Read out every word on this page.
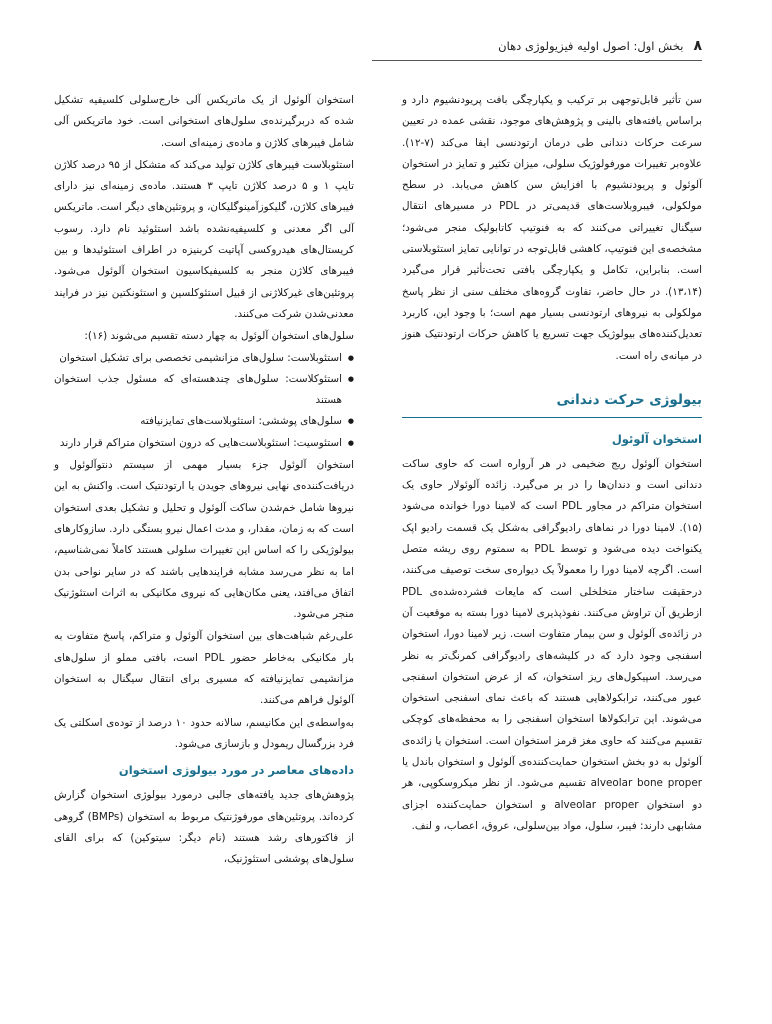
۸
بخش اول: اصول اولیه فیزیولوژی دهان

سن تأثیر قابل‌توجهی بر ترکیب و یکپارچگی بافت پریودنشیوم دارد و براساس یافته‌های بالینی و پژوهش‌های موجود، نقشی عمده در تعیین سرعت حرکات دندانی طی درمان ارتودنسی ایفا می‌کند (۷-۱۲). علاوه‌بر تغییرات مورفولوژیک سلولی، میزان تکثیر و تمایز در استخوان آلوئول و پریودنشیوم با افزایش سن کاهش می‌یابد. در سطح مولکولی، فیبروبلاست‌های قدیمی‌تر در PDL در مسیرهای انتقال سیگنال تغییراتی می‌کنند که به فنوتیپ کاتابولیک منجر می‌شود؛ مشخصه‌ی این فنوتیپ، کاهشی قابل‌توجه در توانایی تمایز استئوبلاستی است. بنابراین، تکامل و یکپارچگی بافتی تحت‌تأثیر قرار می‌گیرد (۱۳،۱۴). در حال حاضر، تفاوت گروه‌های مختلف سنی از نظر پاسخ مولکولی به نیروهای ارتودنسی بسیار مهم است؛ با وجود این، کاربرد تعدیل‌کننده‌های بیولوژیک جهت تسریع یا کاهش حرکات ارتودنتیک هنوز در میانه‌ی راه است.

بیولوژی حرکت دندانی
استخوان آلوئول

استخوان آلوئول ریج ضخیمی در هر آرواره است که حاوی ساکت دندانی است و دندان‌ها را در بر می‌گیرد. زائده آلوئولار حاوی یک استخوان متراکم در مجاور PDL است که لامینا دورا خوانده می‌شود (۱۵). لامینا دورا در نماهای رادیوگرافی به‌شکل یک قسمت رادیو اپک یکنواخت دیده می‌شود و توسط PDL به سمتوم روی ریشه متصل است. اگرچه لامینا دورا را معمولاً یک دیواره‌ی سخت توصیف می‌کنند، درحقیقت ساختار متخلخلی است که مایعات فشرده‌شده‌ی PDL ازطریق آن تراوش می‌کنند. نفوذپذیری لامینا دورا بسته به موقعیت آن در زائده‌ی آلوئول و سن بیمار متفاوت است. زیر لامینا دورا، استخوان اسفنجی وجود دارد که در کلیشه‌های رادیوگرافی کمرنگ‌تر به نظر می‌رسد. اسپیکول‌های ریز استخوان، که از عرض استخوان اسفنجی عبور می‌کنند، ترابکولاهایی هستند که باعث نمای اسفنجی استخوان می‌شوند. این ترابکولاها استخوان اسفنجی را به محفظه‌های کوچکی تقسیم می‌کنند که حاوی مغز قرمز استخوان است. استخوان یا زائده‌ی آلوئول به دو بخش استخوان حمایت‌کننده‌ی آلوئول و استخوان باندل یا alveolar bone proper تقسیم می‌شود. از نظر میکروسکوپی، هر دو استخوان alveolar proper و استخوان حمایت‌کننده اجزای مشابهی دارند: فیبر، سلول، مواد بین‌سلولی، عروق، اعصاب، و لنف.

استخوان آلوئول از یک ماتریکس آلی خارج‌سلولی کلسیفیه تشکیل شده که دربرگیرنده‌ی سلول‌های استخوانی است. خود ماتریکس آلی شامل فیبرهای کلاژن و ماده‌ی زمینه‌ای است.

استئوبلاست فیبرهای کلاژن تولید می‌کند که متشکل از ۹۵ درصد کلاژن تایپ ۱ و ۵ درصد کلاژن تایپ ۳ هستند. ماده‌ی زمینه‌ای نیز دارای فیبرهای کلاژن، گلیکوزآمینوگلیکان، و پروتئین‌های دیگر است. ماتریکس آلی اگر معدنی و کلسیفیه‌نشده باشد استئوئید نام دارد. رسوب کریستال‌های هیدروکسی آپاتیت کربنیزه در اطراف استئوئیدها و بین فیبرهای کلاژن منجر به کلسیفیکاسیون استخوان آلوئول می‌شود. پروتئین‌های غیرکلاژنی از قبیل استئوکلسین و استئونکتین نیز در فرایند معدنی‌شدن شرکت می‌کنند.

سلول‌های استخوان آلوئول به چهار دسته تقسیم می‌شوند (۱۶):

● استئوبلاست: سلول‌های مزانشیمی تخصصی برای تشکیل استخوان
● استئوکلاست: سلول‌های چندهسته‌ای که مسئول جذب استخوان هستند
● سلول‌های پوششی: استئوبلاست‌های تمایزنیافته
● استئوسیت: استئوبلاست‌هایی که درون استخوان متراکم قرار دارند

استخوان آلوئول جزء بسیار مهمی از سیستم دنتوآلوئول و دریافت‌کننده‌ی نهایی نیروهای جویدن یا ارتودنتیک است. واکنش به این نیروها شامل خم‌شدن ساکت آلوئول و تحلیل و تشکیل بعدی استخوان است که به زمان، مقدار، و مدت اعمال نیرو بستگی دارد. سازوکارهای بیولوژیکی را که اساس این تغییرات سلولی هستند کاملاً نمی‌شناسیم، اما به نظر می‌رسد مشابه فرایندهایی باشند که در سایر نواحی بدن اتفاق می‌افتد، یعنی مکان‌هایی که نیروی مکانیکی به اثرات استئوژنیک منجر می‌شود.

علی‌رغم شباهت‌های بین استخوان آلوئول و متراکم، پاسخ متفاوت به بار مکانیکی به‌خاطر حضور PDL است، بافتی مملو از سلول‌های مزانشیمی تمایزنیافته که مسیری برای انتقال سیگنال به استخوان آلوئول فراهم می‌کنند.

به‌واسطه‌ی این مکانیسم، سالانه حدود ۱۰ درصد از توده‌ی اسکلتی یک فرد بزرگسال ریمودل و بازسازی می‌شود.

داده‌های معاصر در مورد بیولوژی استخوان

پژوهش‌های جدید یافته‌های جالبی درمورد بیولوژی استخوان گزارش کرده‌اند. پروتئین‌های مورفوژنتیک مربوط به استخوان (BMPs) گروهی از فاکتورهای رشد هستند (نام دیگر: سیتوکین) که برای القای سلول‌های پوششی استئوژنیک،
